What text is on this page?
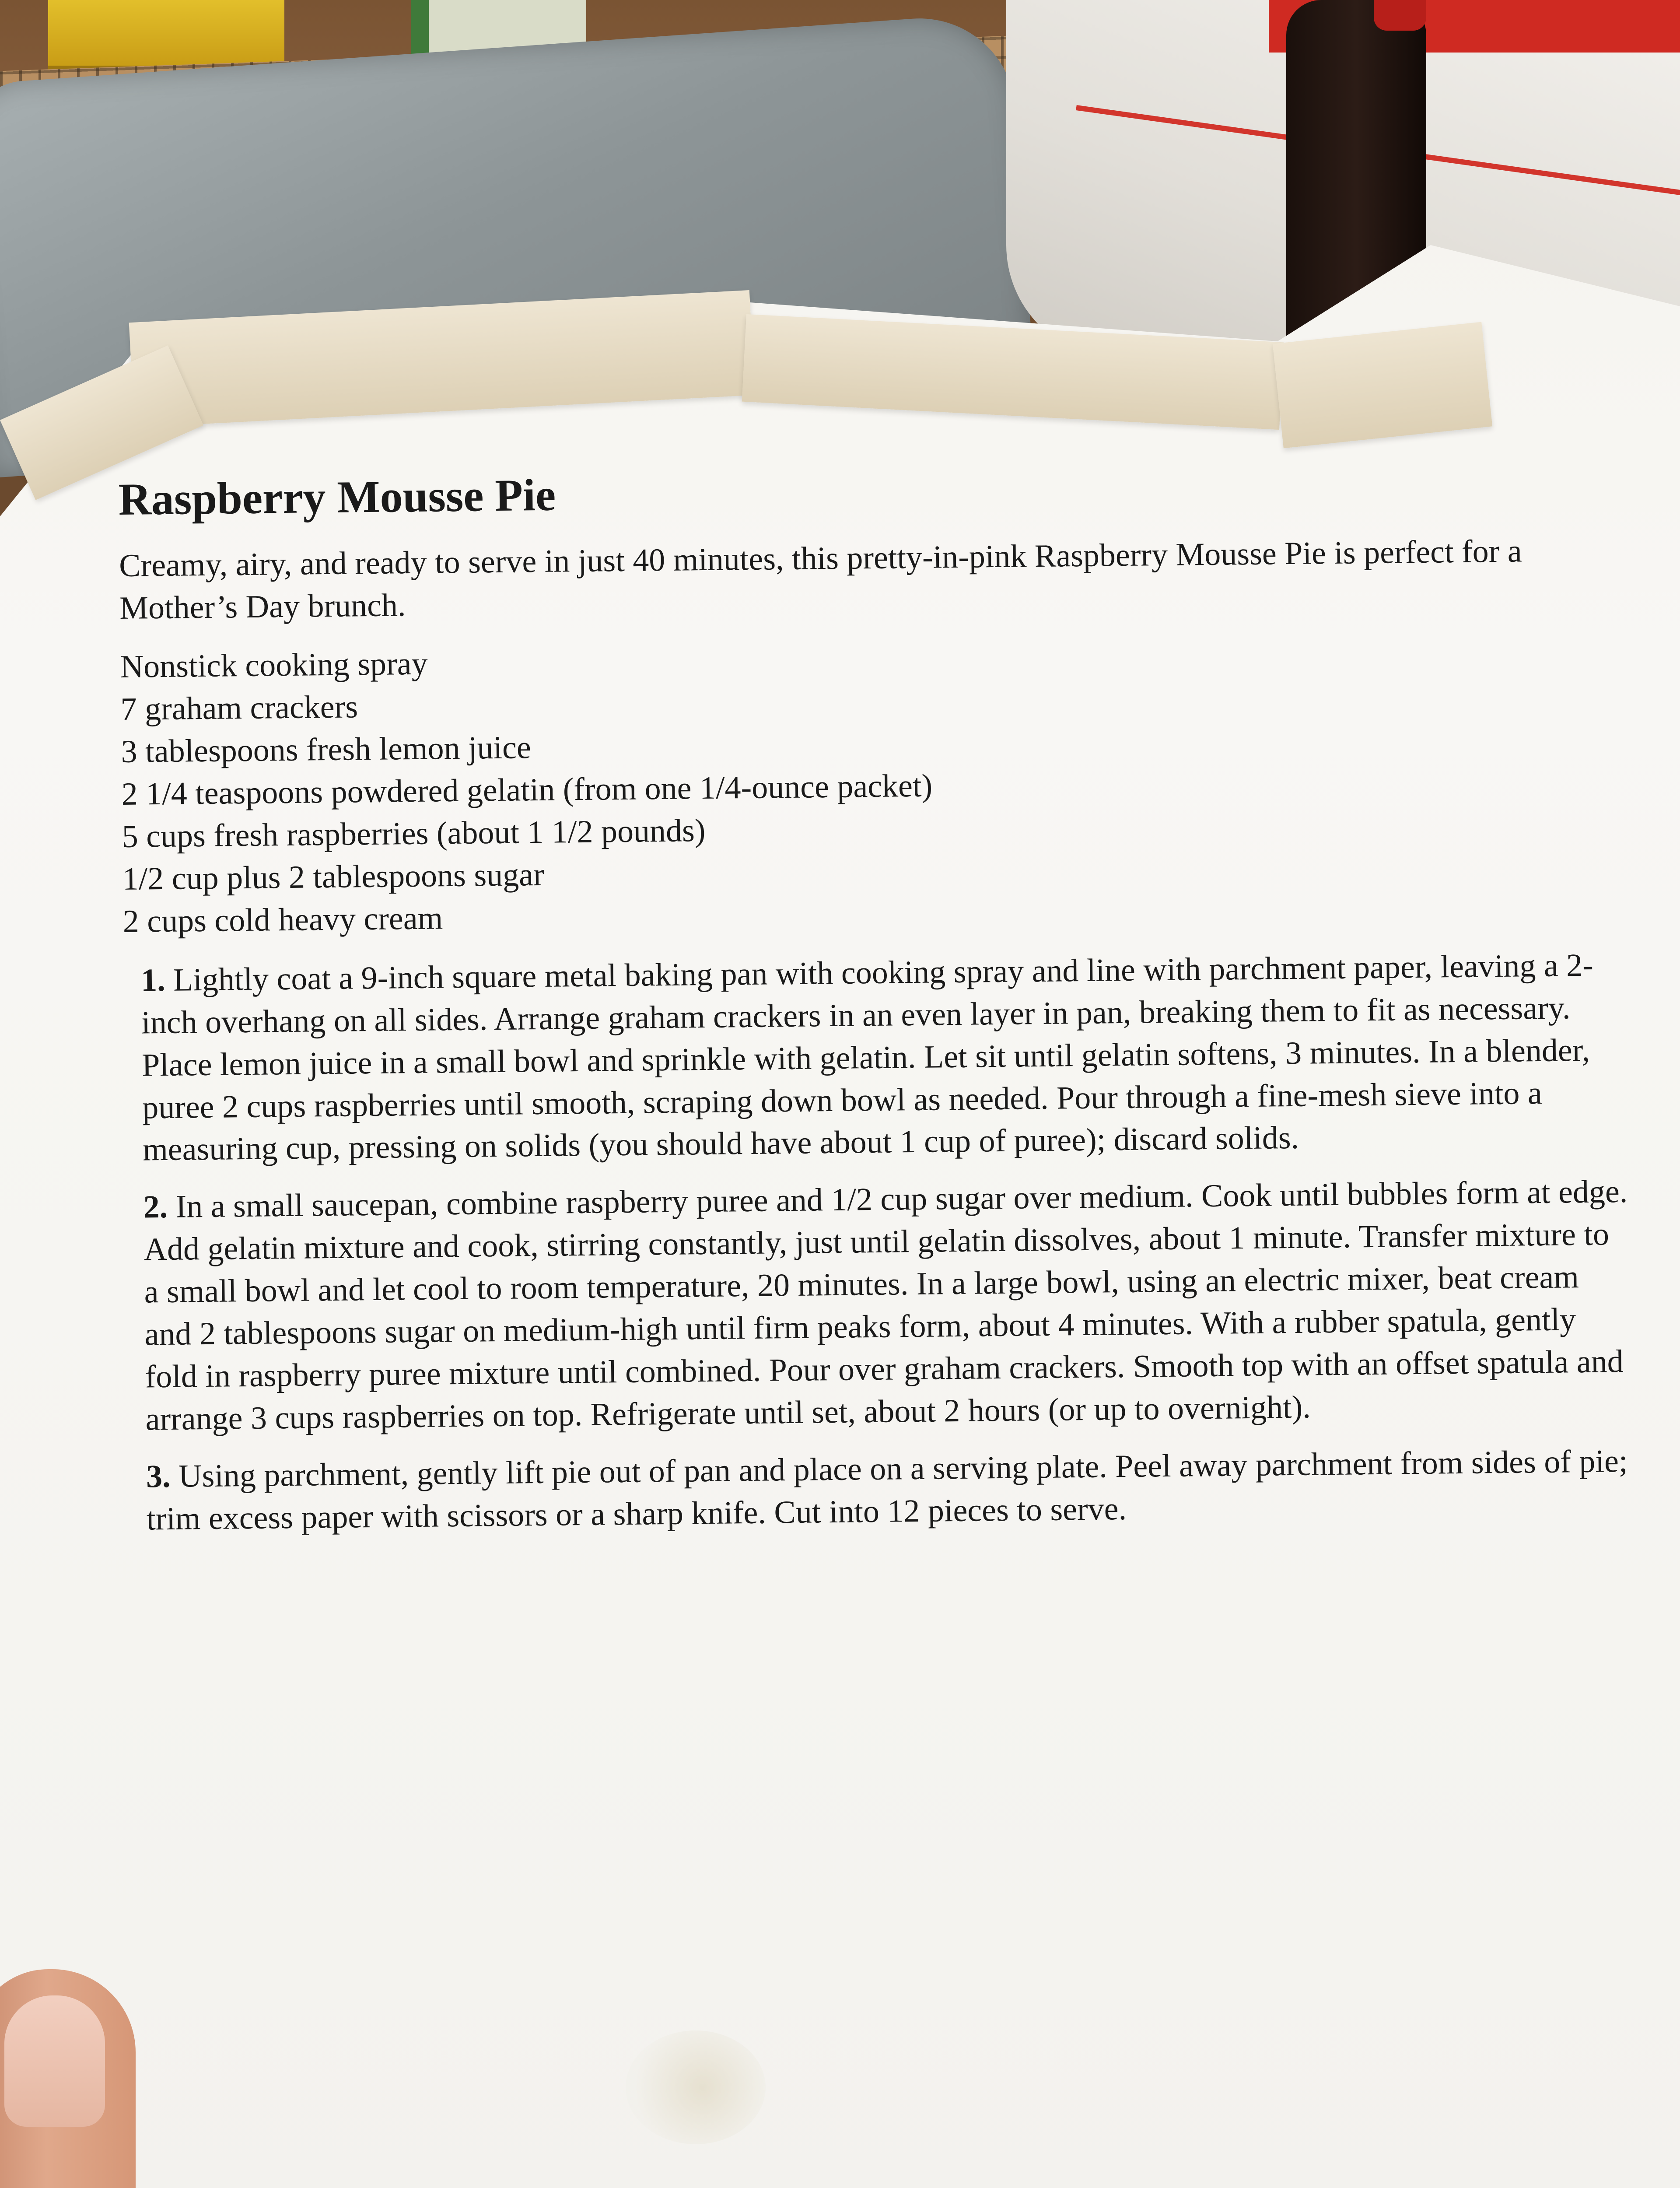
Raspberry Mousse Pie

Creamy, airy, and ready to serve in just 40 minutes, this pretty-in-pink Raspberry Mousse Pie is perfect for a Mother’s Day brunch.

Nonstick cooking spray
7 graham crackers
3 tablespoons fresh lemon juice
2 1/4 teaspoons powdered gelatin (from one 1/4-ounce packet)
5 cups fresh raspberries (about 1 1/2 pounds)
1/2 cup plus 2 tablespoons sugar
2 cups cold heavy cream

1. Lightly coat a 9-inch square metal baking pan with cooking spray and line with parchment paper, leaving a 2-inch overhang on all sides. Arrange graham crackers in an even layer in pan, breaking them to fit as necessary. Place lemon juice in a small bowl and sprinkle with gelatin. Let sit until gelatin softens, 3 minutes. In a blender, puree 2 cups raspberries until smooth, scraping down bowl as needed. Pour through a fine-mesh sieve into a measuring cup, pressing on solids (you should have about 1 cup of puree); discard solids.

2. In a small saucepan, combine raspberry puree and 1/2 cup sugar over medium. Cook until bubbles form at edge. Add gelatin mixture and cook, stirring constantly, just until gelatin dissolves, about 1 minute. Transfer mixture to a small bowl and let cool to room temperature, 20 minutes. In a large bowl, using an electric mixer, beat cream and 2 tablespoons sugar on medium-high until firm peaks form, about 4 minutes. With a rubber spatula, gently fold in raspberry puree mixture until combined. Pour over graham crackers. Smooth top with an offset spatula and arrange 3 cups raspberries on top. Refrigerate until set, about 2 hours (or up to overnight).

3. Using parchment, gently lift pie out of pan and place on a serving plate. Peel away parchment from sides of pie; trim excess paper with scissors or a sharp knife. Cut into 12 pieces to serve.
